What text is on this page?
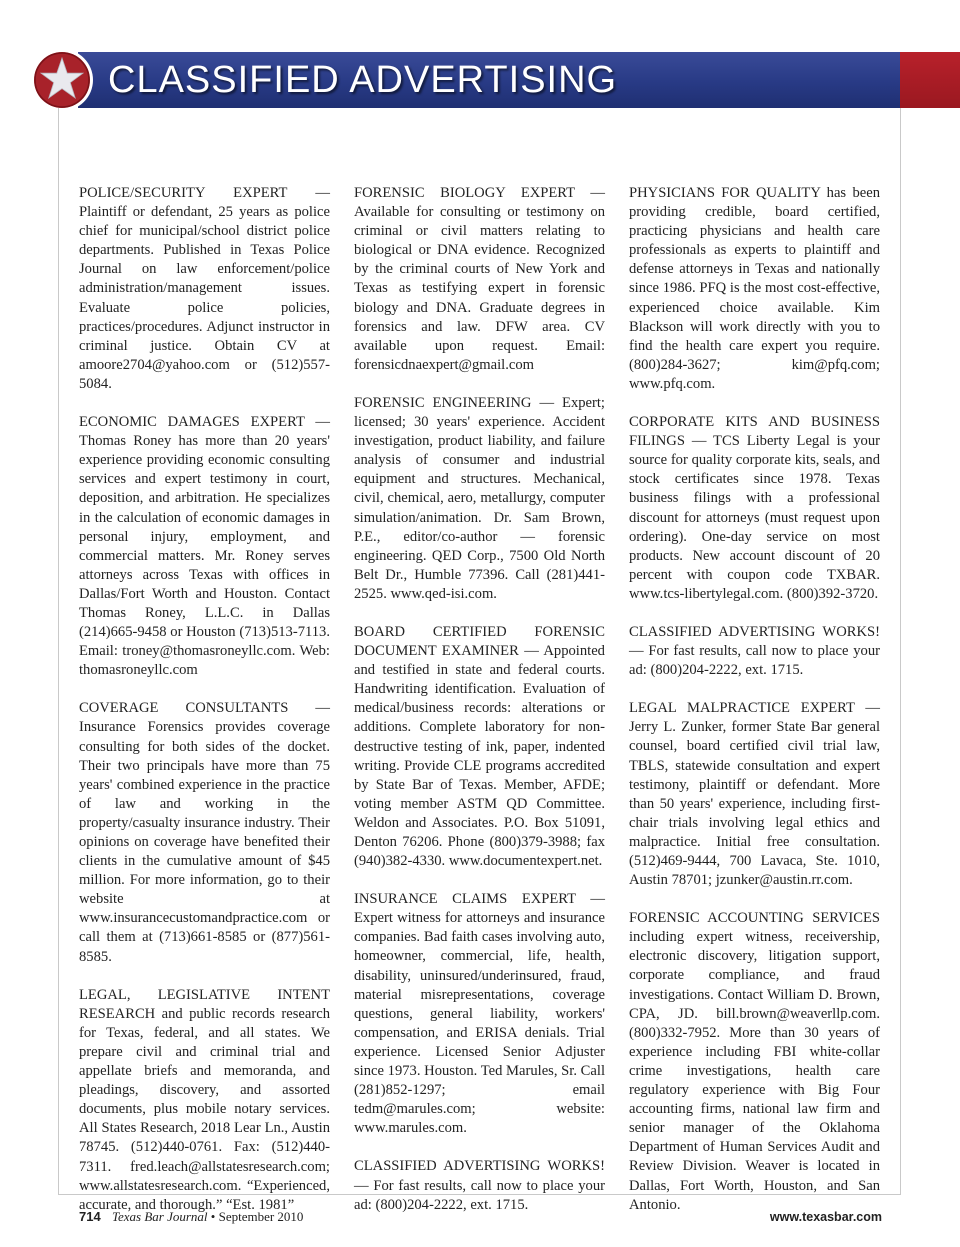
CLASSIFIED ADVERTISING

POLICE/SECURITY EXPERT — Plaintiff or defendant, 25 years as police chief for municipal/school district police departments. Published in Texas Police Journal on law enforcement/police administration/management issues. Evaluate police policies, practices/procedures. Adjunct instructor in criminal justice. Obtain CV at amoore2704@yahoo.com or (512)557-5084.

ECONOMIC DAMAGES EXPERT — Thomas Roney has more than 20 years' experience providing economic consulting services and expert testimony in court, deposition, and arbitration. He specializes in the calculation of economic damages in personal injury, employment, and commercial matters. Mr. Roney serves attorneys across Texas with offices in Dallas/Fort Worth and Houston. Contact Thomas Roney, L.L.C. in Dallas (214)665-9458 or Houston (713)513-7113. Email: troney@thomasroneyllc.com. Web: thomasroneyllc.com

COVERAGE CONSULTANTS — Insurance Forensics provides coverage consulting for both sides of the docket. Their two principals have more than 75 years' combined experience in the practice of law and working in the property/casualty insurance industry. Their opinions on coverage have benefited their clients in the cumulative amount of $45 million. For more information, go to their website at www.insurancecustomandpractice.com or call them at (713)661-8585 or (877)561-8585.

LEGAL, LEGISLATIVE INTENT RESEARCH and public records research for Texas, federal, and all states. We prepare civil and criminal trial and appellate briefs and memoranda, and pleadings, discovery, and assorted documents, plus mobile notary services. All States Research, 2018 Lear Ln., Austin 78745. (512)440-0761. Fax: (512)440-7311. fred.leach@allstatesresearch.com; www.allstatesresearch.com. “Experienced, accurate, and thorough.” “Est. 1981”

FORENSIC BIOLOGY EXPERT — Available for consulting or testimony on criminal or civil matters relating to biological or DNA evidence. Recognized by the criminal courts of New York and Texas as testifying expert in forensic biology and DNA. Graduate degrees in forensics and law. DFW area. CV available upon request. Email: forensicdnaexpert@gmail.com

FORENSIC ENGINEERING — Expert; licensed; 30 years' experience. Accident investigation, product liability, and failure analysis of consumer and industrial equipment and structures. Mechanical, civil, chemical, aero, metallurgy, computer simulation/animation. Dr. Sam Brown, P.E., editor/co-author — forensic engineering. QED Corp., 7500 Old North Belt Dr., Humble 77396. Call (281)441-2525. www.qed-isi.com.

BOARD CERTIFIED FORENSIC DOCUMENT EXAMINER — Appointed and testified in state and federal courts. Handwriting identification. Evaluation of medical/business records: alterations or additions. Complete laboratory for non-destructive testing of ink, paper, indented writing. Provide CLE programs accredited by State Bar of Texas. Member, AFDE; voting member ASTM QD Committee. Weldon and Associates. P.O. Box 51091, Denton 76206. Phone (800)379-3988; fax (940)382-4330. www.documentexpert.net.

INSURANCE CLAIMS EXPERT — Expert witness for attorneys and insurance companies. Bad faith cases involving auto, homeowner, commercial, life, health, disability, uninsured/underinsured, fraud, material misrepresentations, coverage questions, general liability, workers' compensation, and ERISA denials. Trial experience. Licensed Senior Adjuster since 1973. Houston. Ted Marules, Sr. Call (281)852-1297; email tedm@marules.com; website: www.marules.com.

CLASSIFIED ADVERTISING WORKS! — For fast results, call now to place your ad: (800)204-2222, ext. 1715.

PHYSICIANS FOR QUALITY has been providing credible, board certified, practicing physicians and health care professionals as experts to plaintiff and defense attorneys in Texas and nationally since 1986. PFQ is the most cost-effective, experienced choice available. Kim Blackson will work directly with you to find the health care expert you require. (800)284-3627; kim@pfq.com; www.pfq.com.

CORPORATE KITS AND BUSINESS FILINGS — TCS Liberty Legal is your source for quality corporate kits, seals, and stock certificates since 1978. Texas business filings with a professional discount for attorneys (must request upon ordering). One-day service on most products. New account discount of 20 percent with coupon code TXBAR. www.tcs-libertylegal.com. (800)392-3720.

CLASSIFIED ADVERTISING WORKS! — For fast results, call now to place your ad: (800)204-2222, ext. 1715.

LEGAL MALPRACTICE EXPERT — Jerry L. Zunker, former State Bar general counsel, board certified civil trial law, TBLS, statewide consultation and expert testimony, plaintiff or defendant. More than 50 years' experience, including first-chair trials involving legal ethics and malpractice. Initial free consultation. (512)469-9444, 700 Lavaca, Ste. 1010, Austin 78701; jzunker@austin.rr.com.

FORENSIC ACCOUNTING SERVICES including expert witness, receivership, electronic discovery, litigation support, corporate compliance, and fraud investigations. Contact William D. Brown, CPA, JD. bill.brown@weaverllp.com. (800)332-7952. More than 30 years of experience including FBI white-collar crime investigations, health care regulatory experience with Big Four accounting firms, national law firm and senior manager of the Oklahoma Department of Human Services Audit and Review Division. Weaver is located in Dallas, Fort Worth, Houston, and San Antonio.

714 Texas Bar Journal • September 2010	www.texasbar.com
